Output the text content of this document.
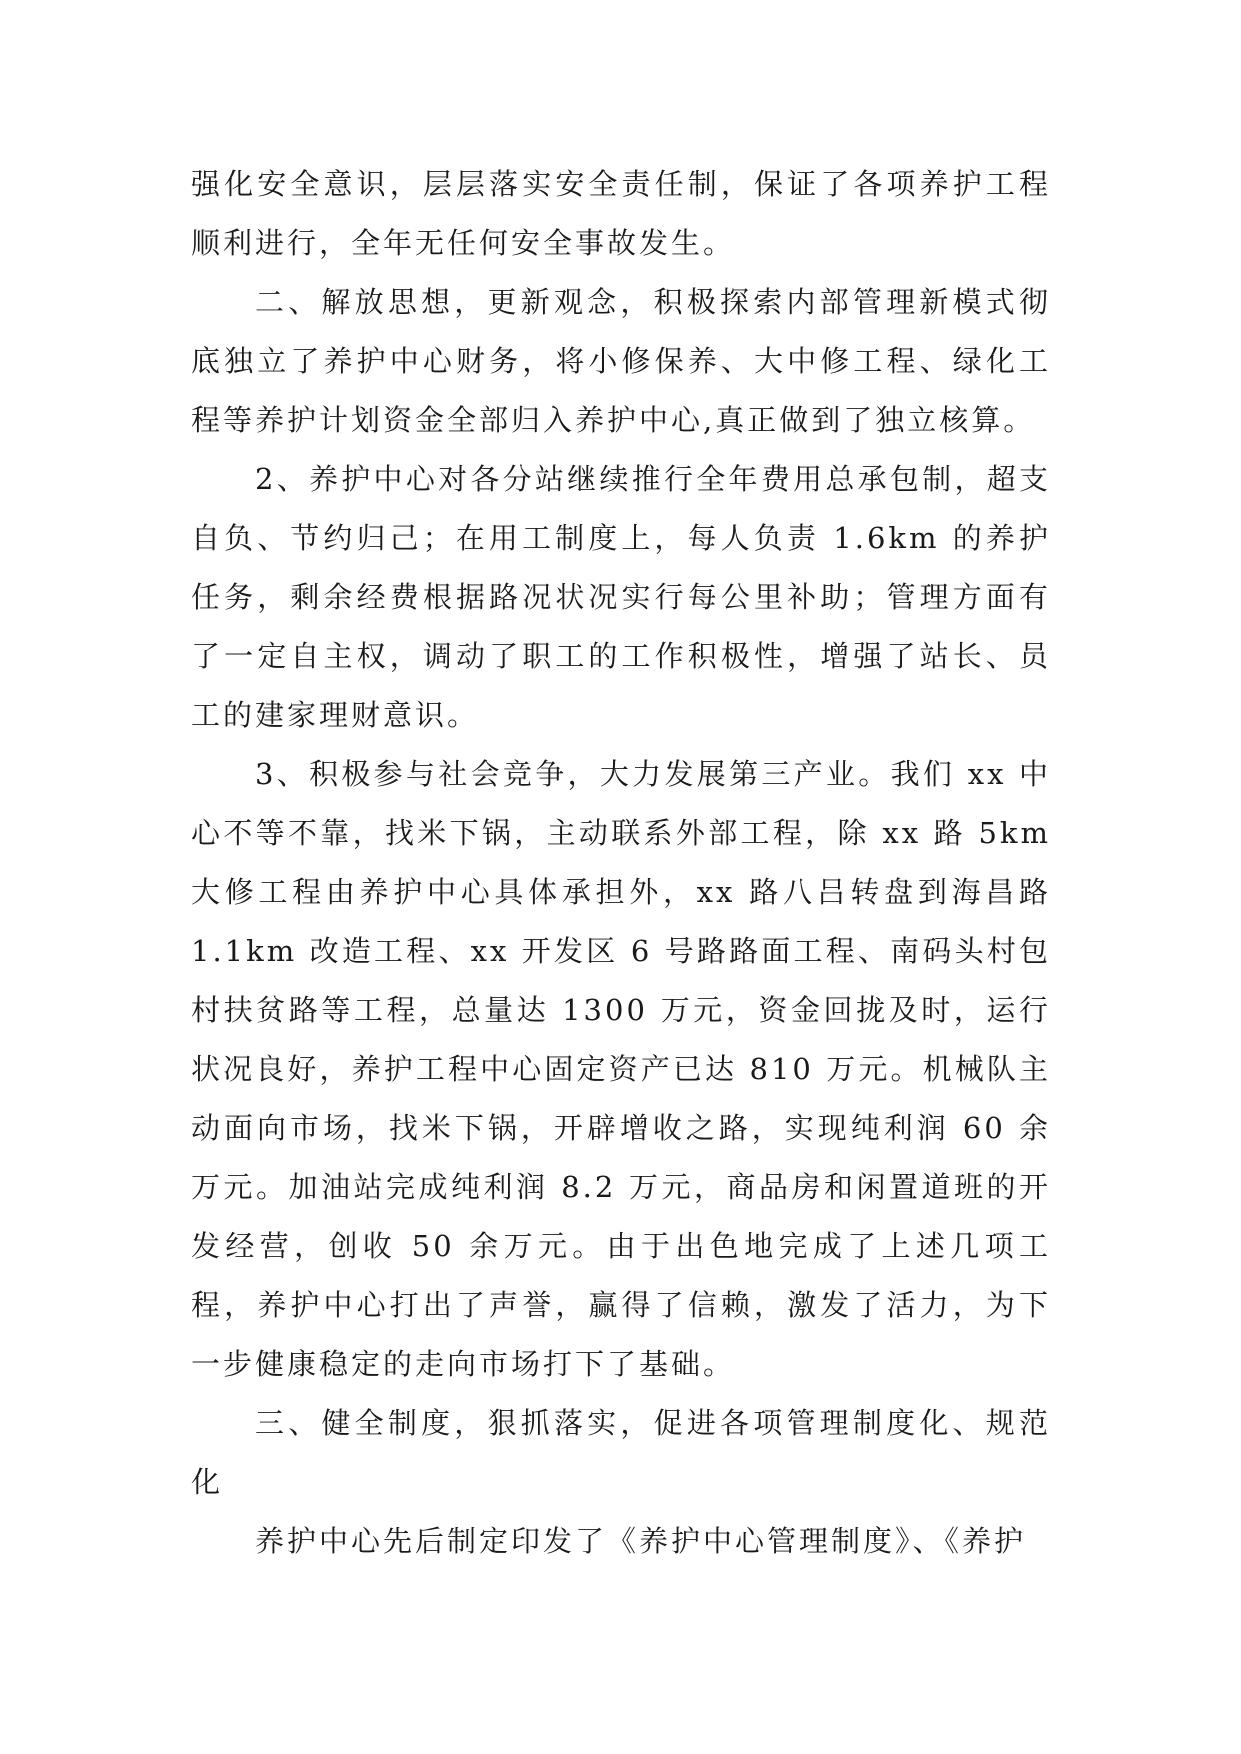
强化安全意识，层层落实安全责任制，保证了各项养护工程顺利进行，全年无任何安全事故发生。

二、解放思想，更新观念，积极探索内部管理新模式彻底独立了养护中心财务，将小修保养、大中修工程、绿化工程等养护计划资金全部归入养护中心,真正做到了独立核算。

2、养护中心对各分站继续推行全年费用总承包制，超支自负、节约归己；在用工制度上，每人负责 1.6km 的养护任务，剩余经费根据路况状况实行每公里补助；管理方面有了一定自主权，调动了职工的工作积极性，增强了站长、员工的建家理财意识。

3、积极参与社会竞争，大力发展第三产业。我们 xx 中心不等不靠，找米下锅，主动联系外部工程，除 xx 路 5km 大修工程由养护中心具体承担外，xx 路八吕转盘到海昌路 1.1km 改造工程、xx 开发区 6 号路路面工程、南码头村包村扶贫路等工程，总量达 1300 万元，资金回拢及时，运行状况良好，养护工程中心固定资产已达 810 万元。机械队主动面向市场，找米下锅，开辟增收之路，实现纯利润 60 余万元。加油站完成纯利润 8.2 万元，商品房和闲置道班的开发经营，创收 50 余万元。由于出色地完成了上述几项工程，养护中心打出了声誉，赢得了信赖，激发了活力，为下一步健康稳定的走向市场打下了基础。

三、健全制度，狠抓落实，促进各项管理制度化、规范化

养护中心先后制定印发了《养护中心管理制度》、《养护
